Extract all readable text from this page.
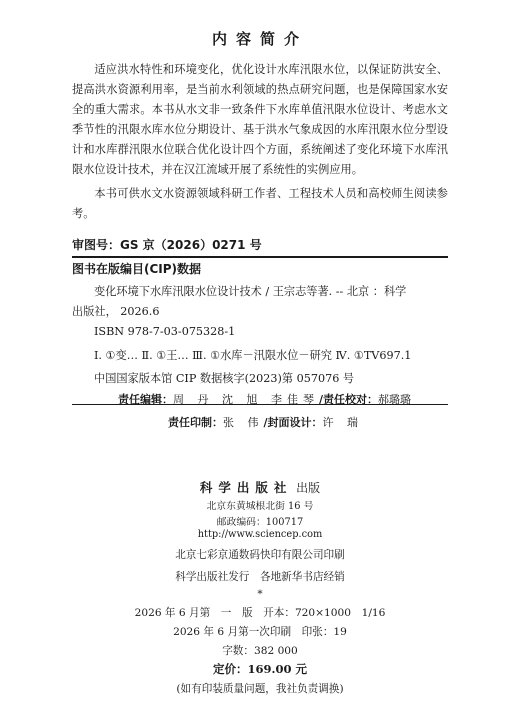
内容简介

适应洪水特性和环境变化，优化设计水库汛限水位，以保证防洪安全、提高洪水资源利用率，是当前水利领域的热点研究问题，也是保障国家水安全的重大需求。本书从水文非一致条件下水库单值汛限水位设计、考虑水文季节性的汛限水库水位分期设计、基于洪水气象成因的水库汛限水位分型设计和水库群汛限水位联合优化设计四个方面，系统阐述了变化环境下水库汛限水位设计技术，并在汉江流域开展了系统性的实例应用。

本书可供水文水资源领域科研工作者、工程技术人员和高校师生阅读参考。

审图号：GS 京（2026）0271 号
图书在版编目(CIP)数据
变化环境下水库汛限水位设计技术 / 王宗志等著. -- 北京 ：科学
出版社， 2026.6
ISBN 978-7-03-075328-1
Ⅰ. ①变… Ⅱ. ①王… Ⅲ. ①水库－汛限水位－研究 Ⅳ. ①TV697.1
中国国家版本馆 CIP 数据核字(2023)第 057076 号
责任编辑：周 丹 沈 旭 李佳琴/责任校对：郝璐璐
责任印制：张 伟/封面设计：许 瑞
科学出版社 出版
北京东黄城根北街 16 号
邮政编码：100717
http://www.sciencep.com
北京七彩京通数码快印有限公司印刷
科学出版社发行　各地新华书店经销
*
2026 年 6 月第　一　版　开本：720×1000　1/16
2026 年 6 月第一次印刷　印张：19
字数：382 000
定价：169.00 元
(如有印装质量问题，我社负责调换)
